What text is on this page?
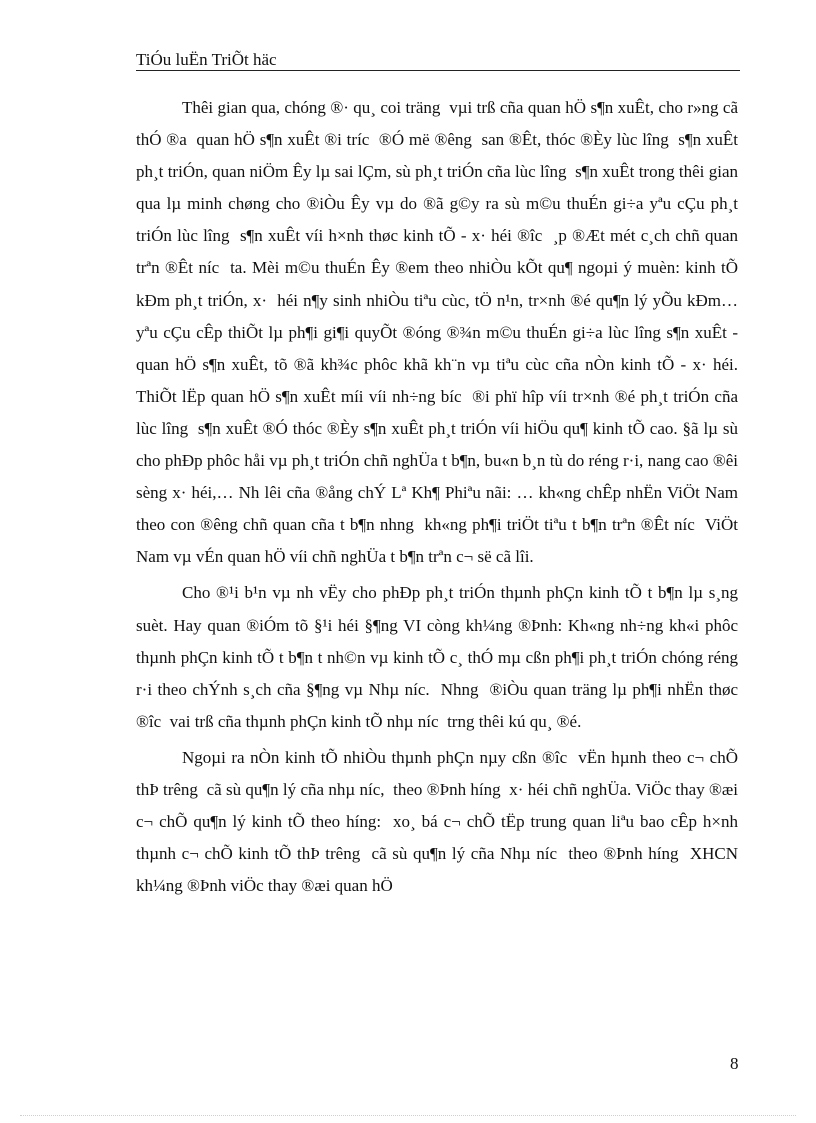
TiÓu luËn TriÕt häc

Thêi gian qua, chóng ®· qu¸ coi träng  vµi trß cña quan hÖ s¶n xuÊt, cho r»ng cã thÓ ®a  quan hÖ s¶n xuÊt ®i tríc  ®Ó më ®êng  san ®Êt, thóc ®Èy lùc lîng  s¶n xuÊt ph¸t triÓn, quan niÖm Êy lµ sai lÇm, sù ph¸t triÓn cña lùc lîng  s¶n xuÊt trong thêi gian qua lµ minh chøng cho ®iÒu Êy vµ do ®ã g©y ra sù m©u thuÉn gi÷a yªu cÇu ph¸t triÓn lùc lîng  s¶n xuÊt víi h×nh thøc kinh tÕ - x· héi ®îc  ¸p ®Æt mét c¸ch chñ quan trªn ®Êt níc  ta. Mèi m©u thuÉn Êy ®em theo nhiÒu kÕt qu¶ ngoµi ý muèn: kinh tÕ kÐm ph¸t triÓn, x·  héi n¶y sinh nhiÒu tiªu cùc, tÖ n¹n, tr×nh ®é qu¶n lý yÕu kÐm… yªu cÇu cÊp thiÕt lµ ph¶i gi¶i quyÕt ®óng ®¾n m©u thuÉn gi÷a lùc lîng s¶n xuÊt - quan hÖ s¶n xuÊt, tõ ®ã kh¾c phôc khã kh¨n vµ tiªu cùc cña nÒn kinh tÕ - x· héi. ThiÕt lËp quan hÖ s¶n xuÊt míi víi nh÷ng bíc  ®i phï hîp víi tr×nh ®é ph¸t triÓn cña lùc lîng  s¶n xuÊt ®Ó thóc ®Èy s¶n xuÊt ph¸t triÓn víi hiÖu qu¶ kinh tÕ cao. §ã lµ sù cho phÐp phôc håi vµ ph¸t triÓn chñ nghÜa t b¶n, bu«n b¸n tù do réng r·i, nang cao ®êi sèng x· héi,… Nh lêi cña ®ång chÝ Lª Kh¶ Phiªu nãi: … kh«ng chÊp nhËn ViÖt Nam theo con ®êng chñ quan cña t b¶n nhng  kh«ng ph¶i triÖt tiªu t b¶n trªn ®Êt níc  ViÖt Nam vµ vÉn quan hÖ víi chñ nghÜa t b¶n trªn c¬ së cã lîi.

Cho ®¹i b¹n vµ nh vËy cho phÐp ph¸t triÓn thµnh phÇn kinh tÕ t b¶n lµ s¸ng suèt. Hay quan ®iÓm tõ §¹i héi §¶ng VI còng kh¼ng ®Þnh: Kh«ng nh÷ng kh«i phôc thµnh phÇn kinh tÕ t b¶n t nh©n vµ kinh tÕ c¸ thÓ mµ cßn ph¶i ph¸t triÓn chóng réng r·i theo chÝnh s¸ch cña §¶ng vµ Nhµ níc.  Nhng  ®iÒu quan träng lµ ph¶i nhËn thøc ®îc  vai trß cña thµnh phÇn kinh tÕ nhµ níc  trng thêi kú qu¸ ®é.

Ngoµi ra nÒn kinh tÕ nhiÒu thµnh phÇn nµy cßn ®îc  vËn hµnh theo c¬ chÕ thÞ trêng  cã sù qu¶n lý cña nhµ níc,  theo ®Þnh híng  x· héi chñ nghÜa. ViÖc thay ®æi c¬ chÕ qu¶n lý kinh tÕ theo híng:  xo¸ bá c¬ chÕ tËp trung quan liªu bao cÊp h×nh thµnh c¬ chÕ kinh tÕ thÞ trêng  cã sù qu¶n lý cña Nhµ níc  theo ®Þnh híng  XHCN kh¼ng ®Þnh viÖc thay ®æi quan hÖ

8
